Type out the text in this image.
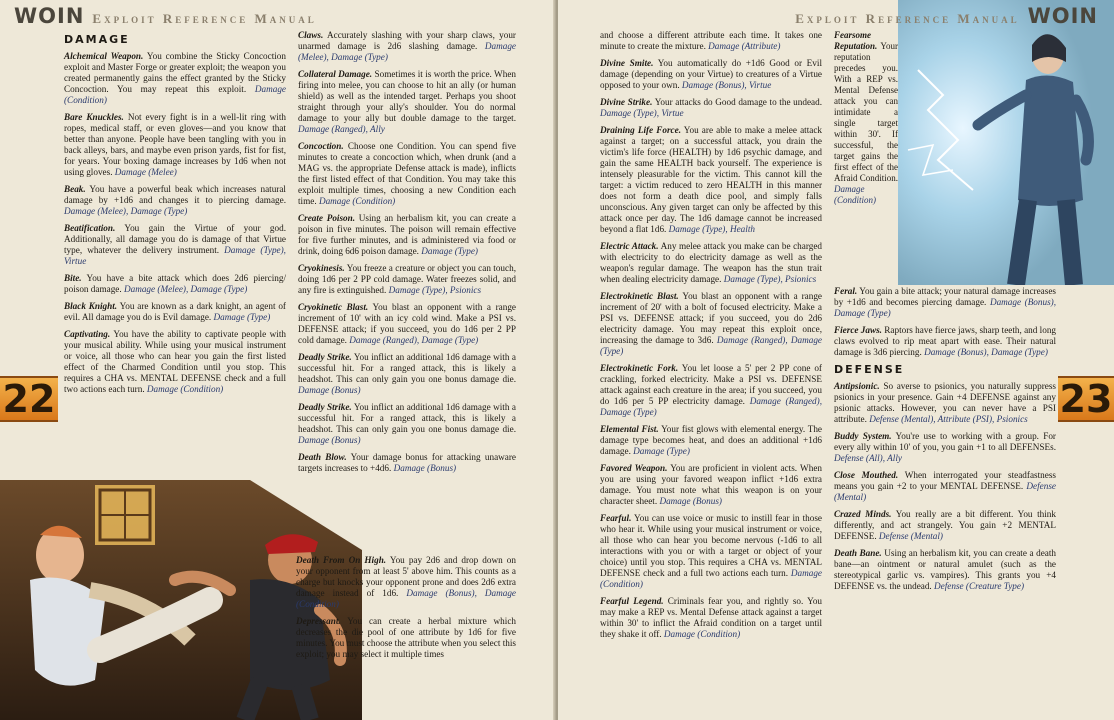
WOIN Exploit Reference Manual
DAMAGE
Alchemical Weapon. You combine the Sticky Concoction exploit and Master Forge or greater exploit; the weapon you created permanently gains the effect granted by the Sticky Concoction. You may repeat this exploit. Damage (Condition)
Bare Knuckles. Not every fight is in a well-lit ring with ropes, medical staff, or even gloves—and you know that better than anyone. People have been tangling with you in back alleys, bars, and maybe even prison yards, fist for fist, for years. Your boxing damage increases by 1d6 when not using gloves. Damage (Melee)
Beak. You have a powerful beak which increases natural damage by +1d6 and changes it to piercing damage. Damage (Melee), Damage (Type)
Beatification. You gain the Virtue of your god. Additionally, all damage you do is damage of that Virtue type, whatever the delivery instrument. Damage (Type), Virtue
Bite. You have a bite attack which does 2d6 piercing/ poison damage. Damage (Melee), Damage (Type)
Black Knight. You are known as a dark knight, an agent of evil. All damage you do is Evil damage. Damage (Type)
Captivating. You have the ability to captivate people with your musical ability. While using your musical instrument or voice, all those who can hear you gain the first listed effect of the Charmed Condition until you stop. This requires a CHA vs. MENTAL DEFENSE check and a full two actions each turn. Damage (Condition)
Claws. Accurately slashing with your sharp claws, your unarmed damage is 2d6 slashing damage. Damage (Melee), Damage (Type)
Collateral Damage. Sometimes it is worth the price. When firing into melee, you can choose to hit an ally (or human shield) as well as the intended target. Perhaps you shoot straight through your ally's shoulder. You do normal damage to your ally but double damage to the target. Damage (Ranged), Ally
Concoction. Choose one Condition. You can spend five minutes to create a concoction which, when drunk (and a MAG vs. the appropriate Defense attack is made), inflicts the first listed effect of that Condition. You may take this exploit multiple times, choosing a new Condition each time. Damage (Condition)
Create Poison. Using an herbalism kit, you can create a poison in five minutes. The poison will remain effective for five further minutes, and is administered via food or drink, doing 6d6 poison damage. Damage (Type)
Cryokinesis. You freeze a creature or object you can touch, doing 1d6 per 2 PP cold damage. Water freezes solid, and any fire is extinguished. Damage (Type), Psionics
Cryokinetic Blast. You blast an opponent with a range increment of 10' with an icy cold wind. Make a PSI vs. DEFENSE attack; if you succeed, you do 1d6 per 2 PP cold damage. Damage (Ranged), Damage (Type)
Deadly Strike. You inflict an additional 1d6 damage with a successful hit. For a ranged attack, this is likely a headshot. This can only gain you one bonus damage die. Damage (Bonus)
Deadly Strike. You inflict an additional 1d6 damage with a successful hit. For a ranged attack, this is likely a headshot. This can only gain you one bonus damage die. Damage (Bonus)
Death Blow. Your damage bonus for attacking unaware targets increases to +4d6. Damage (Bonus)
22
Death From On High. You pay 2d6 and drop down on your opponent from at least 5' above him. This counts as a charge but knocks your opponent prone and does 2d6 extra damage instead of 1d6. Damage (Bonus), Damage (Condition)
Depressant. You can create a herbal mixture which decreases the die pool of one attribute by 1d6 for five minutes. You must choose the attribute when you select this exploit; you may select it multiple times
Exploit Reference Manual WOIN
and choose a different attribute each time. It takes one minute to create the mixture. Damage (Attribute)
Divine Smite. You automatically do +1d6 Good or Evil damage (depending on your Virtue) to creatures of a Virtue opposed to your own. Damage (Bonus), Virtue
Divine Strike. Your attacks do Good damage to the undead. Damage (Type), Virtue
Draining Life Force. You are able to make a melee attack against a target; on a successful attack, you drain the victim's life force (HEALTH) by 1d6 psychic damage, and gain the same HEALTH back yourself. The experience is intensely pleasurable for the victim. This cannot kill the target: a victim reduced to zero HEALTH in this manner does not form a death dice pool, and simply falls unconscious. Any given target can only be affected by this attack once per day. The 1d6 damage cannot be increased beyond a flat 1d6. Damage (Type), Health
Electric Attack. Any melee attack you make can be charged with electricity to do electricity damage as well as the weapon's regular damage. The weapon has the stun trait when dealing electricity damage. Damage (Type), Psionics
Electrokinetic Blast. You blast an opponent with a range increment of 20' with a bolt of focused electricity. Make a PSI vs. DEFENSE attack; if you succeed, you do 2d6 electricity damage. You may repeat this exploit once, increasing the damage to 3d6. Damage (Ranged), Damage (Type)
Electrokinetic Fork. You let loose a 5' per 2 PP cone of crackling, forked electricity. Make a PSI vs. DEFENSE attack against each creature in the area; if you succeed, you do 1d6 per 5 PP electricity damage. Damage (Ranged), Damage (Type)
Elemental Fist. Your fist glows with elemental energy. The damage type becomes heat, and does an additional +1d6 damage. Damage (Type)
Favored Weapon. You are proficient in violent acts. When you are using your favored weapon inflict +1d6 extra damage. You must note what this weapon is on your character sheet. Damage (Bonus)
Fearful. You can use voice or music to instill fear in those who hear it. While using your musical instrument or voice, all those who can hear you become nervous (-1d6 to all interactions with you or with a target or object of your choice) until you stop. This requires a CHA vs. MENTAL DEFENSE check and a full two actions each turn. Damage (Condition)
Fearful Legend. Criminals fear you, and rightly so. You may make a REP vs. Mental Defense attack against a target within 30' to inflict the Afraid condition on a target until they shake it off. Damage (Condition)
Fearsome Reputation. Your reputation precedes you. With a REP vs. Mental Defense attack you can intimidate a single target within 30'. If successful, the target gains the first effect of the Afraid Condition. Damage (Condition)
Feral. You gain a bite attack; your natural damage increases by +1d6 and becomes piercing damage. Damage (Bonus), Damage (Type)
Fierce Jaws. Raptors have fierce jaws, sharp teeth, and long claws evolved to rip meat apart with ease. Their natural damage is 3d6 piercing. Damage (Bonus), Damage (Type)
DEFENSE
Antipsionic. So averse to psionics, you naturally suppress psionics in your presence. Gain +4 DEFENSE against any psionic attacks. However, you can never have a PSI attribute. Defense (Mental), Attribute (PSI), Psionics
Buddy System. You're use to working with a group. For every ally within 10' of you, you gain +1 to all DEFENSEs. Defense (All), Ally
Close Mouthed. When interrogated your steadfastness means you gain +2 to your MENTAL DEFENSE. Defense (Mental)
Crazed Minds. You really are a bit different. You think differently, and act strangely. You gain +2 MENTAL DEFENSE. Defense (Mental)
Death Bane. Using an herbalism kit, you can create a death bane—an ointment or natural amulet (such as the stereotypical garlic vs. vampires). This grants you +4 DEFENSE vs. the undead. Defense (Creature Type)
23
